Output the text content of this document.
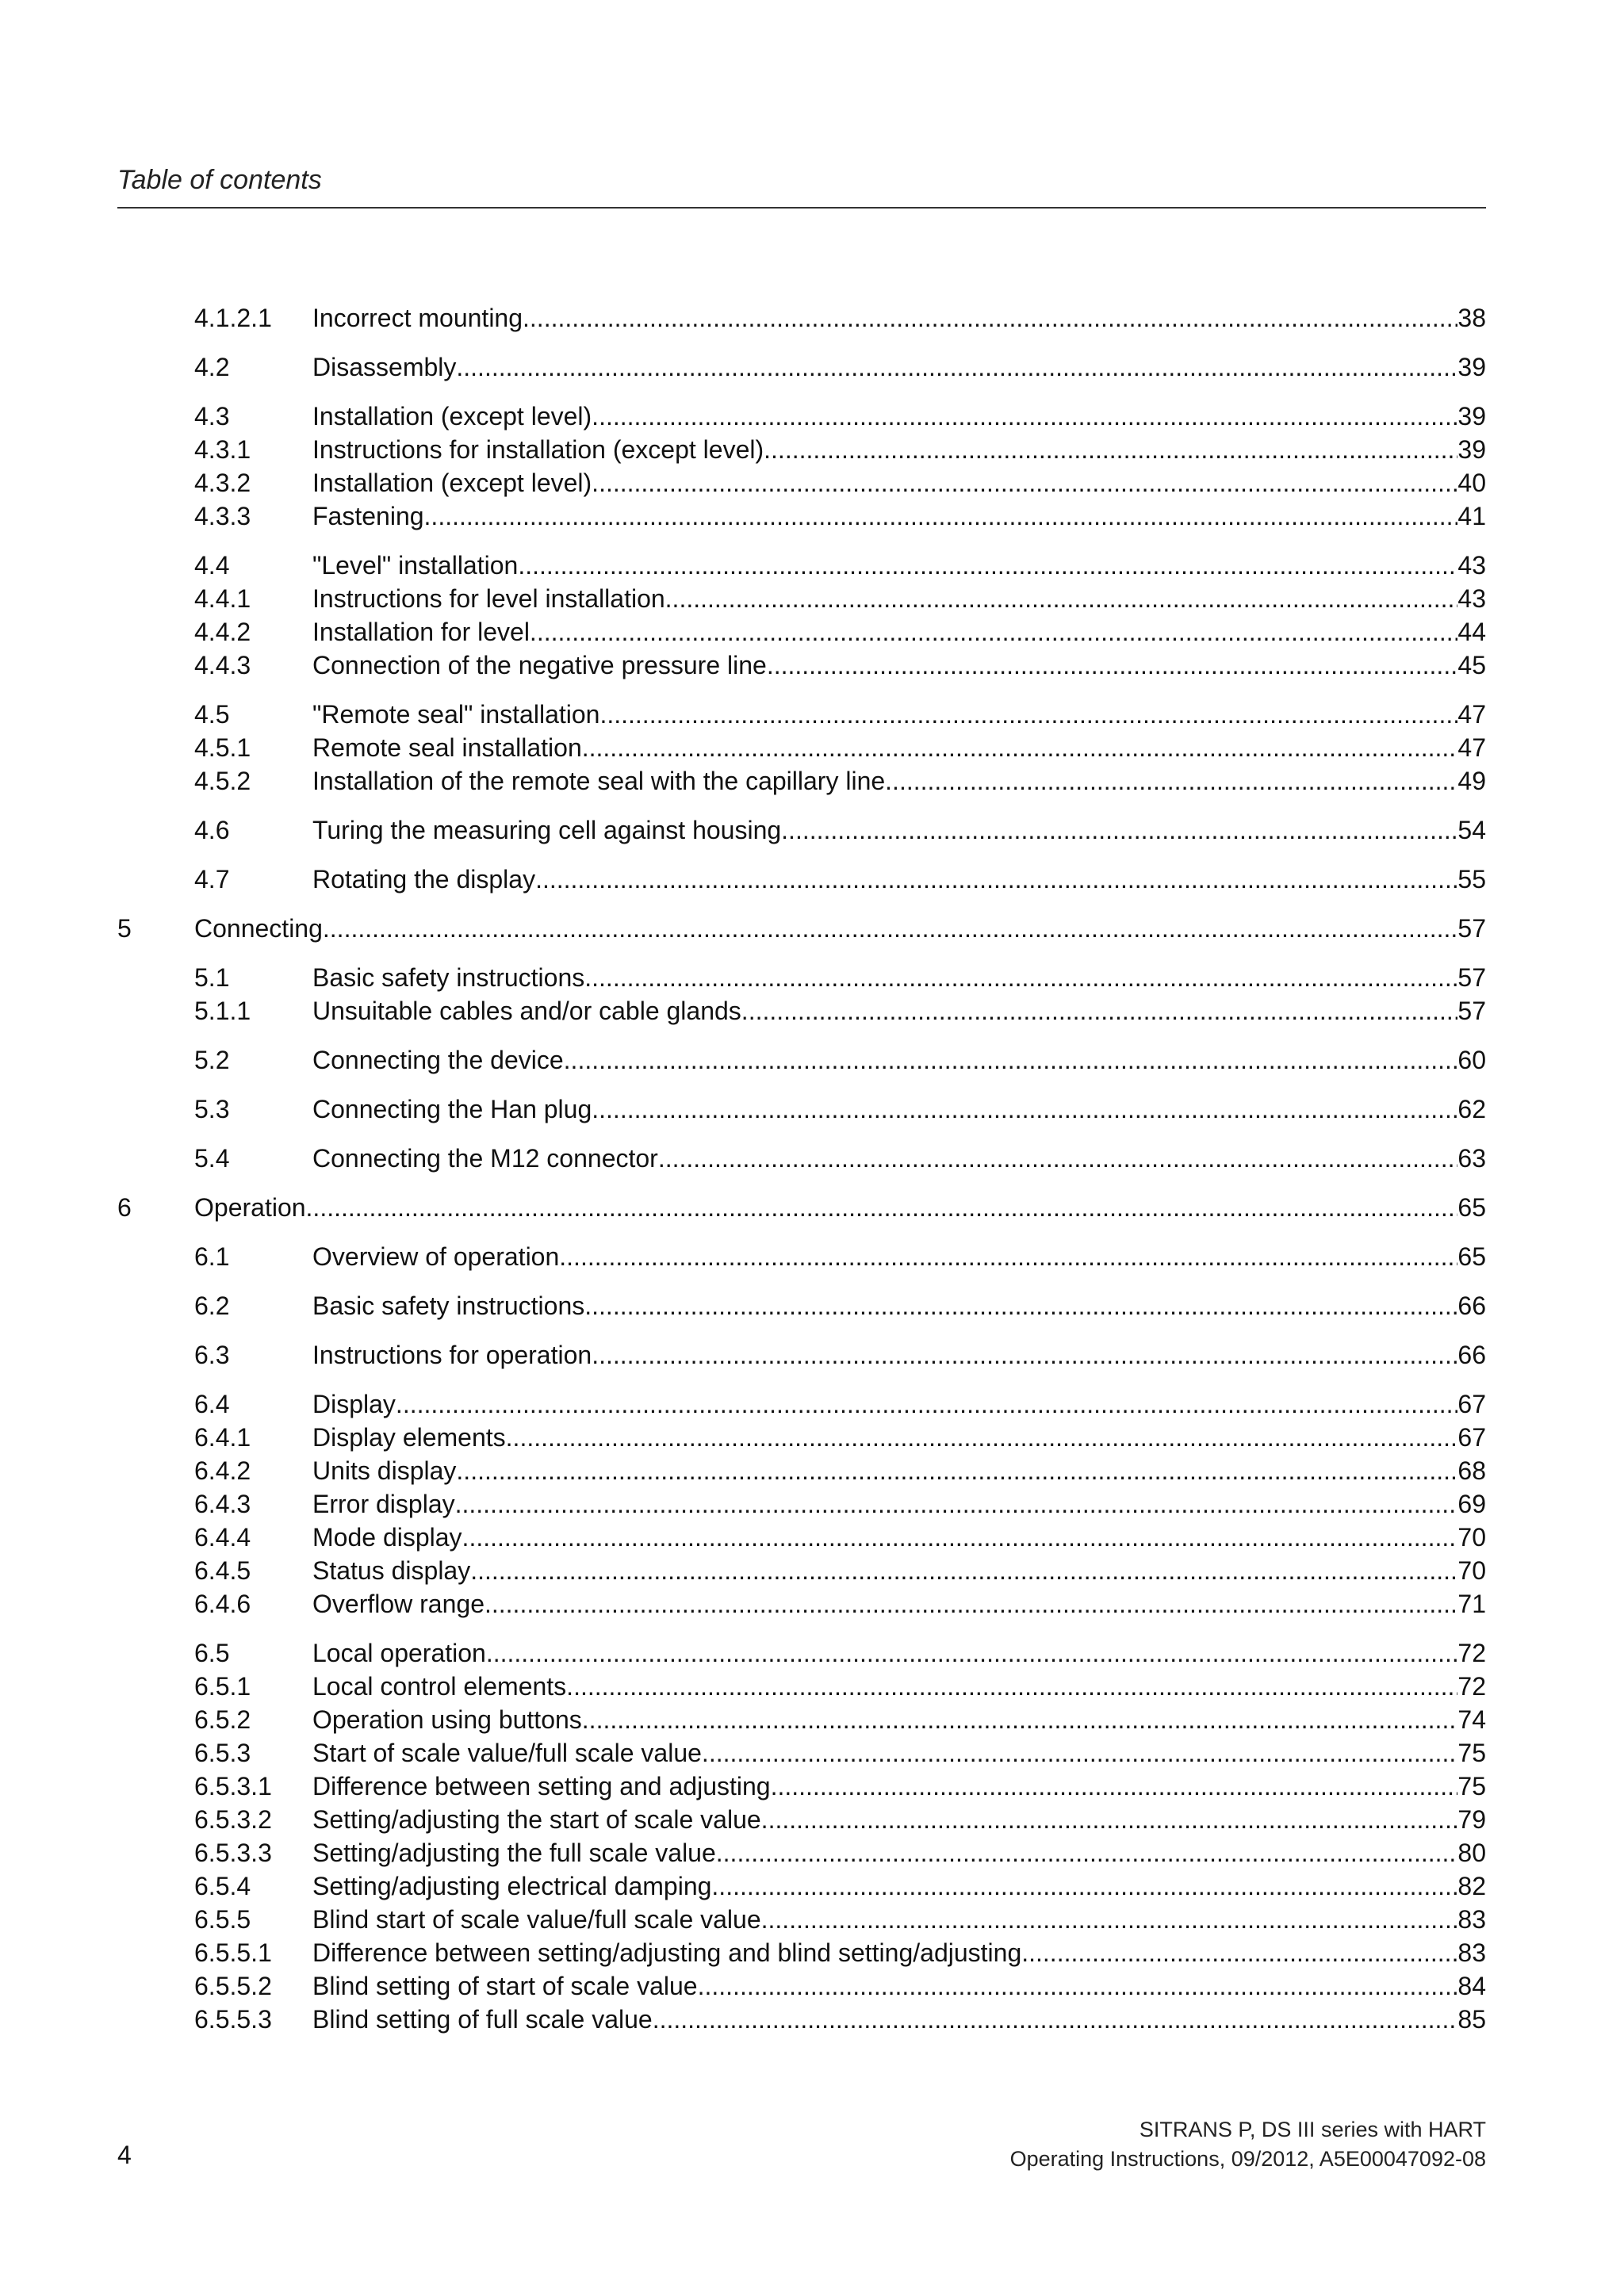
Table of contents
4.1.2.1 Incorrect mounting .....	38
4.2	Disassembly .....	39
4.3	Installation (except level) .....	39
4.3.1 Instructions for installation (except level) .....	39
4.3.2 Installation (except level) .....	40
4.3.3 Fastening .....	41
4.4	"Level" installation .....	43
4.4.1 Instructions for level installation .....	43
4.4.2 Installation for level .....	44
4.4.3 Connection of the negative pressure line .....	45
4.5	"Remote seal" installation .....	47
4.5.1 Remote seal installation .....	47
4.5.2 Installation of the remote seal with the capillary line .....	49
4.6	Turing the measuring cell against housing .....	54
4.7	Rotating the display .....	55
5 Connecting .....	57
5.1	Basic safety instructions .....	57
5.1.1 Unsuitable cables and/or cable glands .....	57
5.2	Connecting the device .....	60
5.3	Connecting the Han plug .....	62
5.4	Connecting the M12 connector .....	63
6 Operation .....	65
6.1	Overview of operation .....	65
6.2	Basic safety instructions .....	66
6.3	Instructions for operation .....	66
6.4	Display .....	67
6.4.1 Display elements .....	67
6.4.2 Units display .....	68
6.4.3 Error display .....	69
6.4.4 Mode display .....	70
6.4.5 Status display .....	70
6.4.6 Overflow range .....	71
6.5	Local operation .....	72
6.5.1 Local control elements .....	72
6.5.2 Operation using buttons .....	74
6.5.3 Start of scale value/full scale value .....	75
6.5.3.1 Difference between setting and adjusting .....	75
6.5.3.2 Setting/adjusting the start of scale value .....	79
6.5.3.3 Setting/adjusting the full scale value .....	80
6.5.4 Setting/adjusting electrical damping .....	82
6.5.5 Blind start of scale value/full scale value .....	83
6.5.5.1 Difference between setting/adjusting and blind setting/adjusting .....	83
6.5.5.2 Blind setting of start of scale value .....	84
6.5.5.3 Blind setting of full scale value .....	85
4
SITRANS P, DS III series with HART
Operating Instructions, 09/2012, A5E00047092-08
